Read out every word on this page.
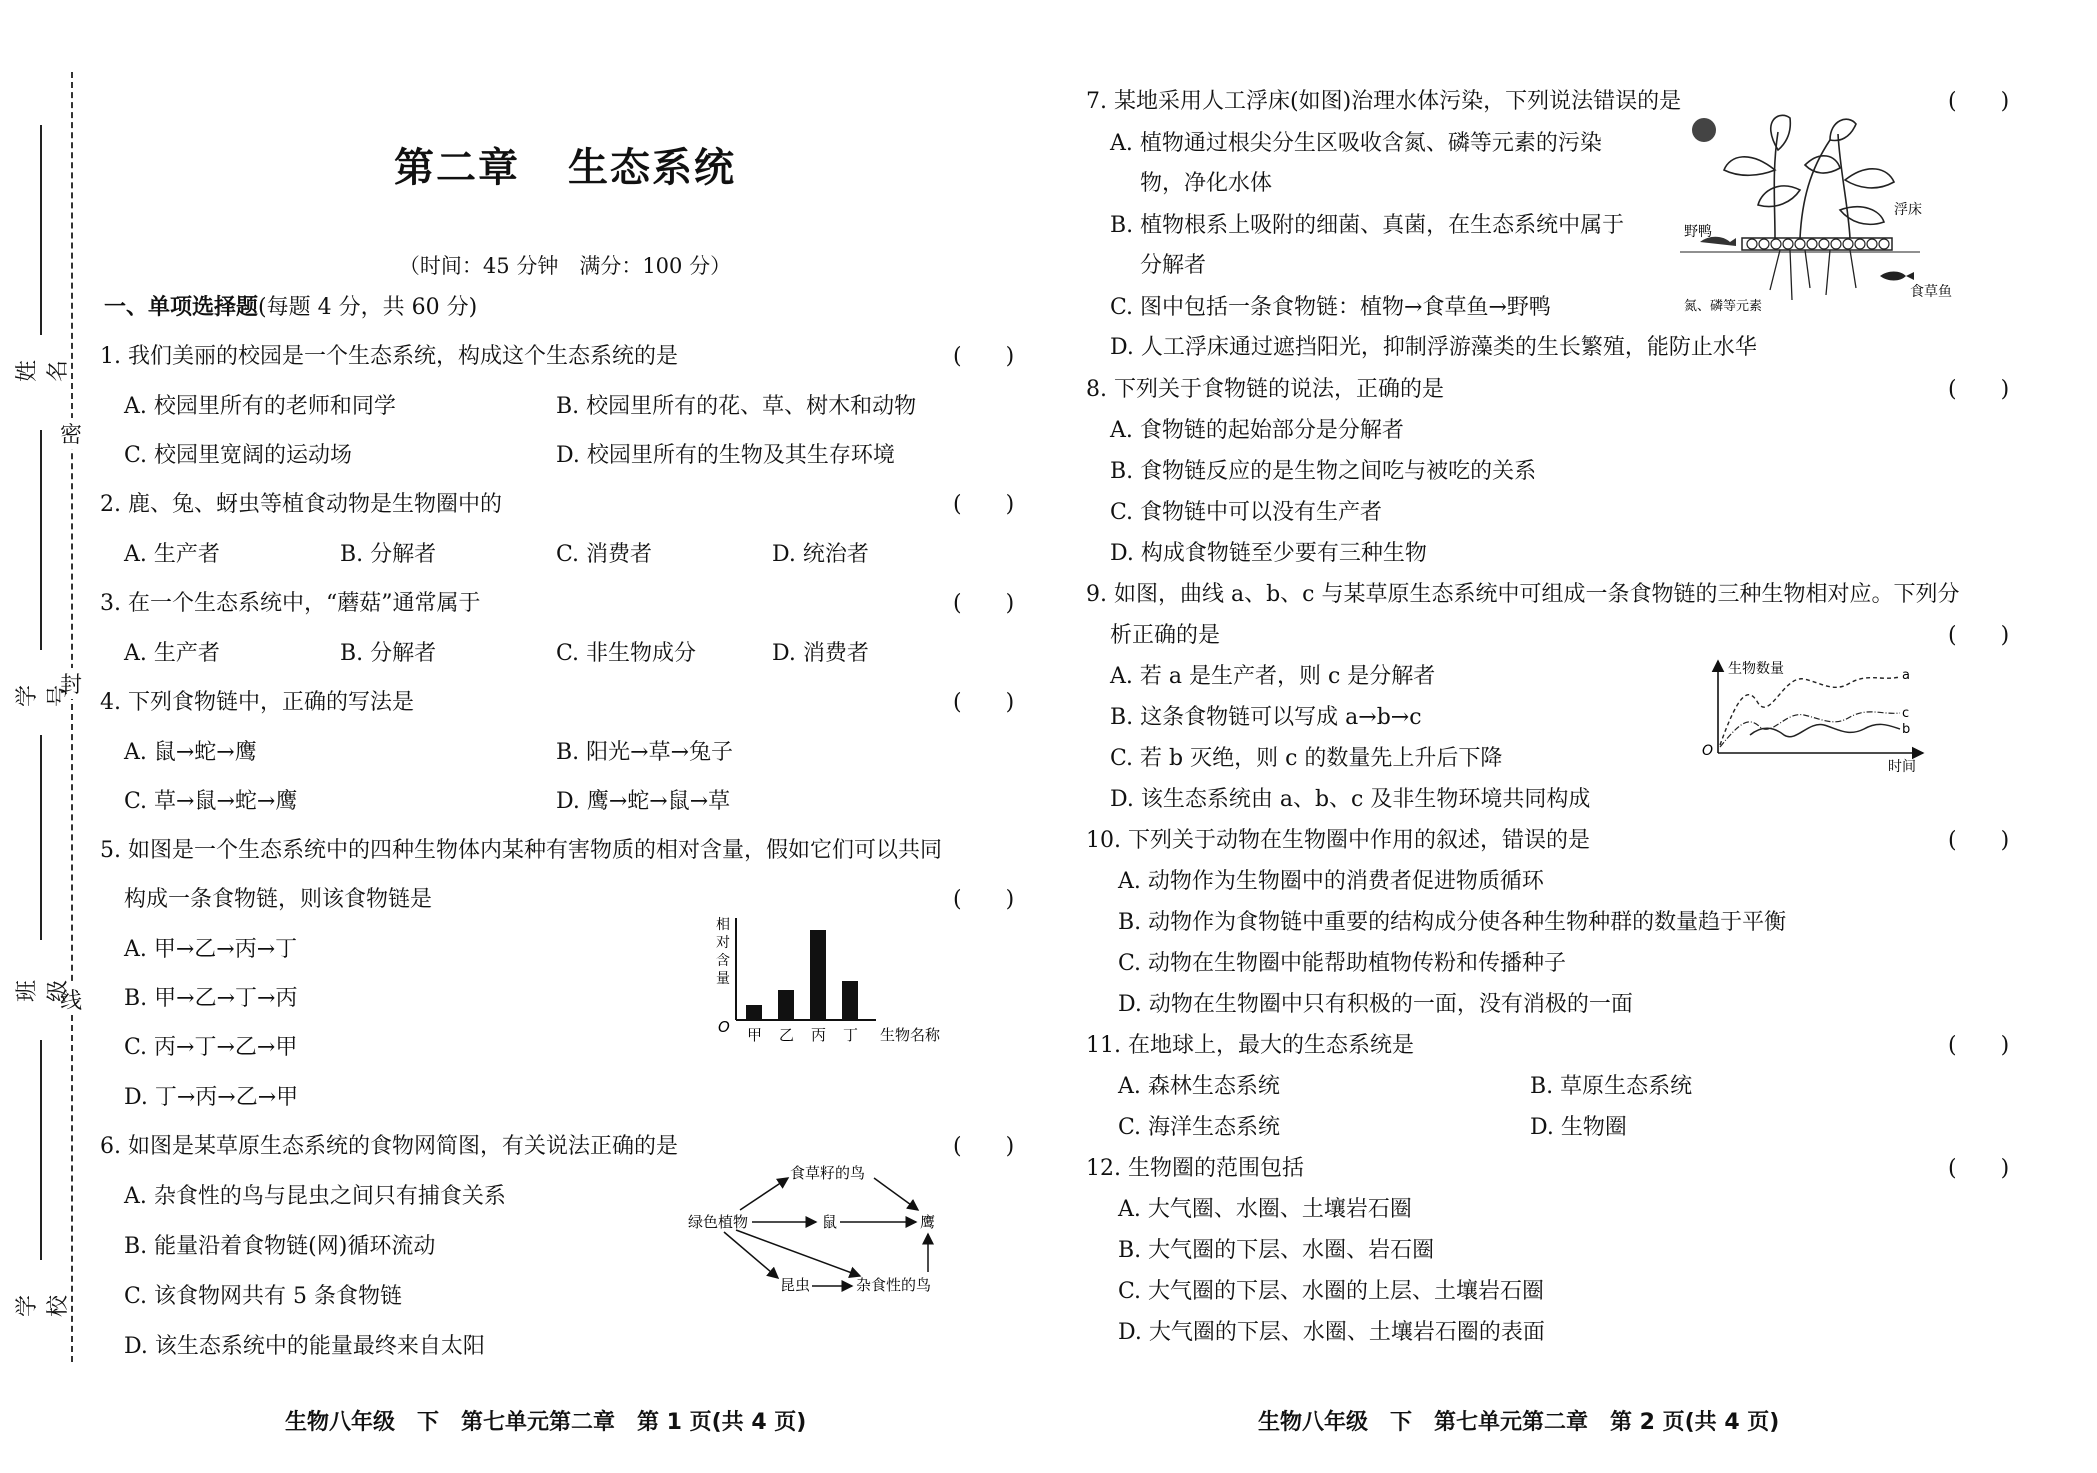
密
封
线
姓名
学号
班级
学校
第二章 生态系统
（时间：45 分钟　满分：100 分）
一、单项选择题(每题 4 分，共 60 分)
1. 我们美丽的校园是一个生态系统，构成这个生态系统的是	(　　)
A. 校园里所有的老师和同学	B. 校园里所有的花、草、树木和动物
C. 校园里宽阔的运动场	D. 校园里所有的生物及其生存环境
2. 鹿、兔、蚜虫等植食动物是生物圈中的	(　　)
A. 生产者	B. 分解者	C. 消费者	D. 统治者
3. 在一个生态系统中，“蘑菇”通常属于	(　　)
A. 生产者	B. 分解者	C. 非生物成分	D. 消费者
4. 下列食物链中，正确的写法是	(　　)
A. 鼠→蛇→鹰	B. 阳光→草→兔子
C. 草→鼠→蛇→鹰	D. 鹰→蛇→鼠→草
5. 如图是一个生态系统中的四种生物体内某种有害物质的相对含量，假如它们可以共同
构成一条食物链，则该食物链是	(　　)
A. 甲→乙→丙→丁
B. 甲→乙→丁→丙
C. 丙→丁→乙→甲
D. 丁→丙→乙→甲
相
对
含
量
O 甲 乙 丙 丁 生物名称
6. 如图是某草原生态系统的食物网简图，有关说法正确的是	(　　)
A. 杂食性的鸟与昆虫之间只有捕食关系
B. 能量沿着食物链(网)循环流动
C. 该食物网共有 5 条食物链
D. 该生态系统中的能量最终来自太阳
绿色植物
食草籽的鸟
鼠	鹰
昆虫	杂食性的鸟
生物八年级　下　第七单元第二章　第 1 页(共 4 页)
7. 某地采用人工浮床(如图)治理水体污染，下列说法错误的是	(　　)
A. 植物通过根尖分生区吸收含氮、磷等元素的污染
物，净化水体
B. 植物根系上吸附的细菌、真菌，在生态系统中属于
分解者
C. 图中包括一条食物链：植物→食草鱼→野鸭
D. 人工浮床通过遮挡阳光，抑制浮游藻类的生长繁殖，能防止水华
浮床
野鸭
食草鱼
氮、磷等元素
8. 下列关于食物链的说法，正确的是	(　　)
A. 食物链的起始部分是分解者
B. 食物链反应的是生物之间吃与被吃的关系
C. 食物链中可以没有生产者
D. 构成食物链至少要有三种生物
9. 如图，曲线 a、b、c 与某草原生态系统中可组成一条食物链的三种生物相对应。下列分
析正确的是	(　　)
A. 若 a 是生产者，则 c 是分解者
B. 这条食物链可以写成 a→b→c
C. 若 b 灭绝，则 c 的数量先上升后下降
D. 该生态系统由 a、b、c 及非生物环境共同构成
生物数量
时间
O
a
c
b
10. 下列关于动物在生物圈中作用的叙述，错误的是	(　　)
A. 动物作为生物圈中的消费者促进物质循环
B. 动物作为食物链中重要的结构成分使各种生物种群的数量趋于平衡
C. 动物在生物圈中能帮助植物传粉和传播种子
D. 动物在生物圈中只有积极的一面，没有消极的一面
11. 在地球上，最大的生态系统是	(　　)
A. 森林生态系统	B. 草原生态系统
C. 海洋生态系统	D. 生物圈
12. 生物圈的范围包括	(　　)
A. 大气圈、水圈、土壤岩石圈
B. 大气圈的下层、水圈、岩石圈
C. 大气圈的下层、水圈的上层、土壤岩石圈
D. 大气圈的下层、水圈、土壤岩石圈的表面
生物八年级　下　第七单元第二章　第 2 页(共 4 页)
